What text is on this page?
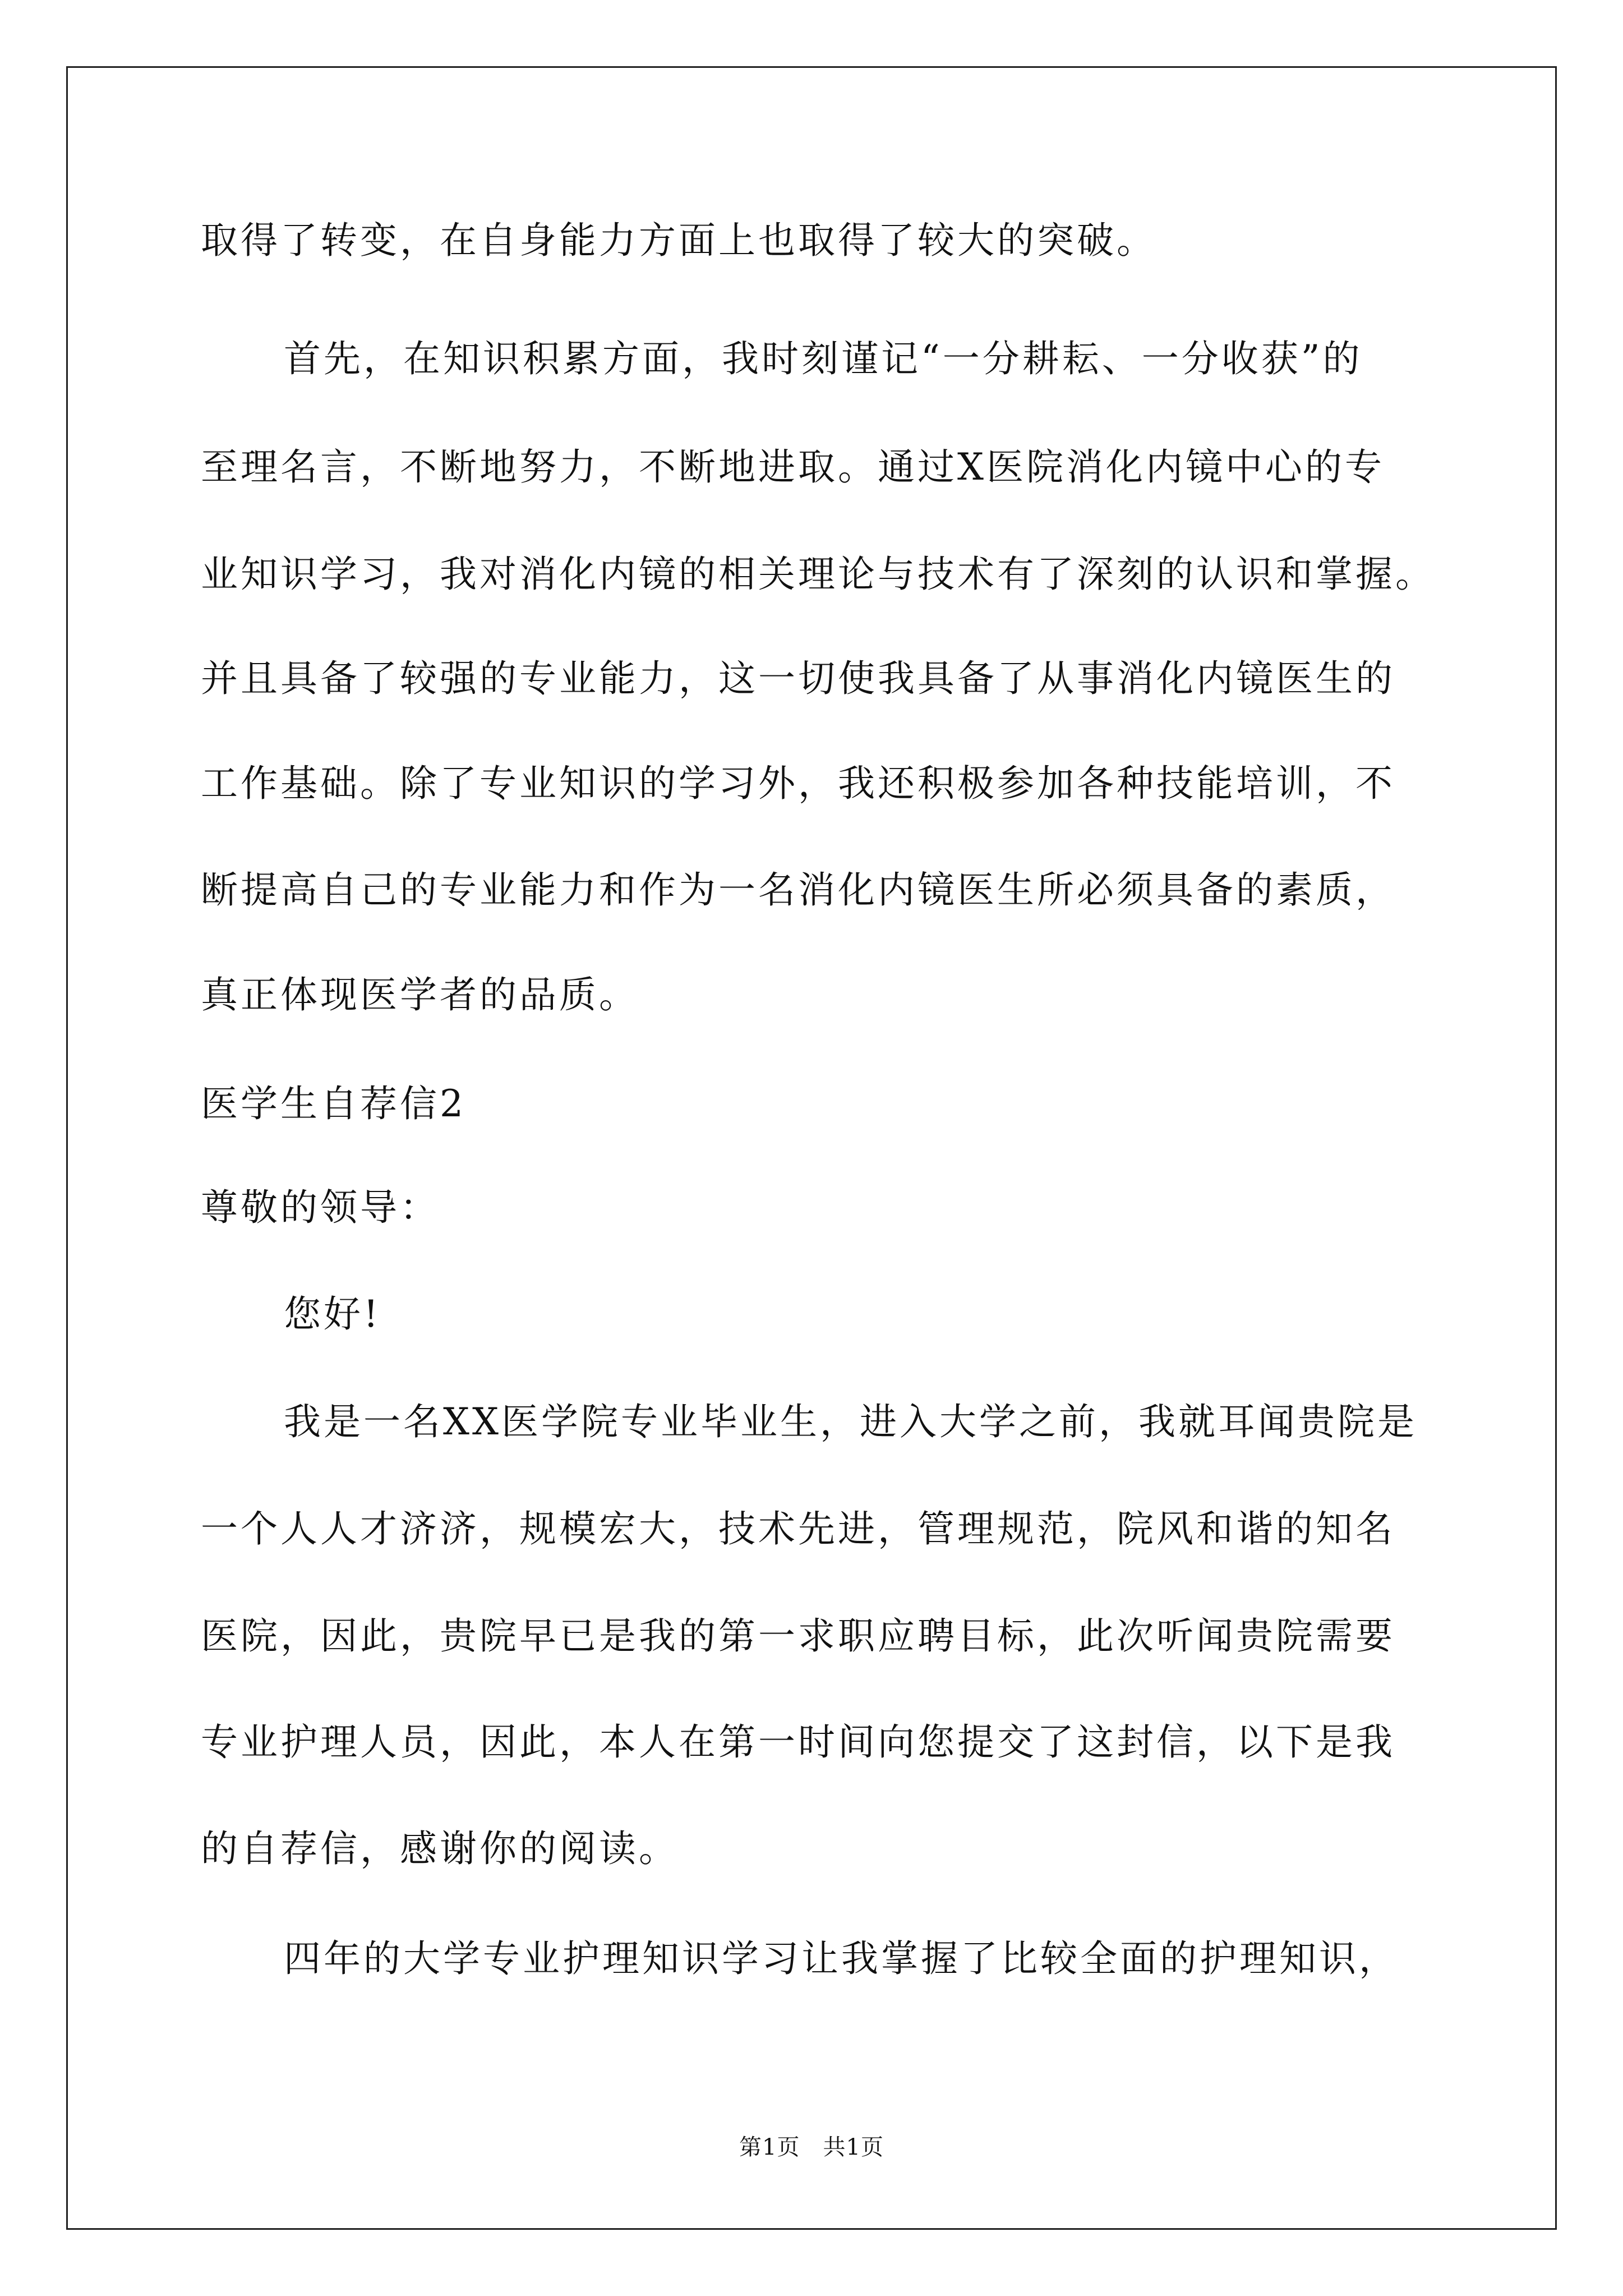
取得了转变，在自身能力方面上也取得了较大的突破。
首先，在知识积累方面，我时刻谨记“一分耕耘、一分收获”的
至理名言，不断地努力，不断地进取。通过X医院消化内镜中心的专
业知识学习，我对消化内镜的相关理论与技术有了深刻的认识和掌握。
并且具备了较强的专业能力，这一切使我具备了从事消化内镜医生的
工作基础。除了专业知识的学习外，我还积极参加各种技能培训，不
断提高自己的专业能力和作为一名消化内镜医生所必须具备的素质，
真正体现医学者的品质。
医学生自荐信2
尊敬的领导：
您好!
我是一名XX医学院专业毕业生，进入大学之前，我就耳闻贵院是
一个人人才济济，规模宏大，技术先进，管理规范，院风和谐的知名
医院，因此，贵院早已是我的第一求职应聘目标，此次听闻贵院需要
专业护理人员，因此，本人在第一时间向您提交了这封信，以下是我
的自荐信，感谢你的阅读。
四年的大学专业护理知识学习让我掌握了比较全面的护理知识，
第1页　共1页
